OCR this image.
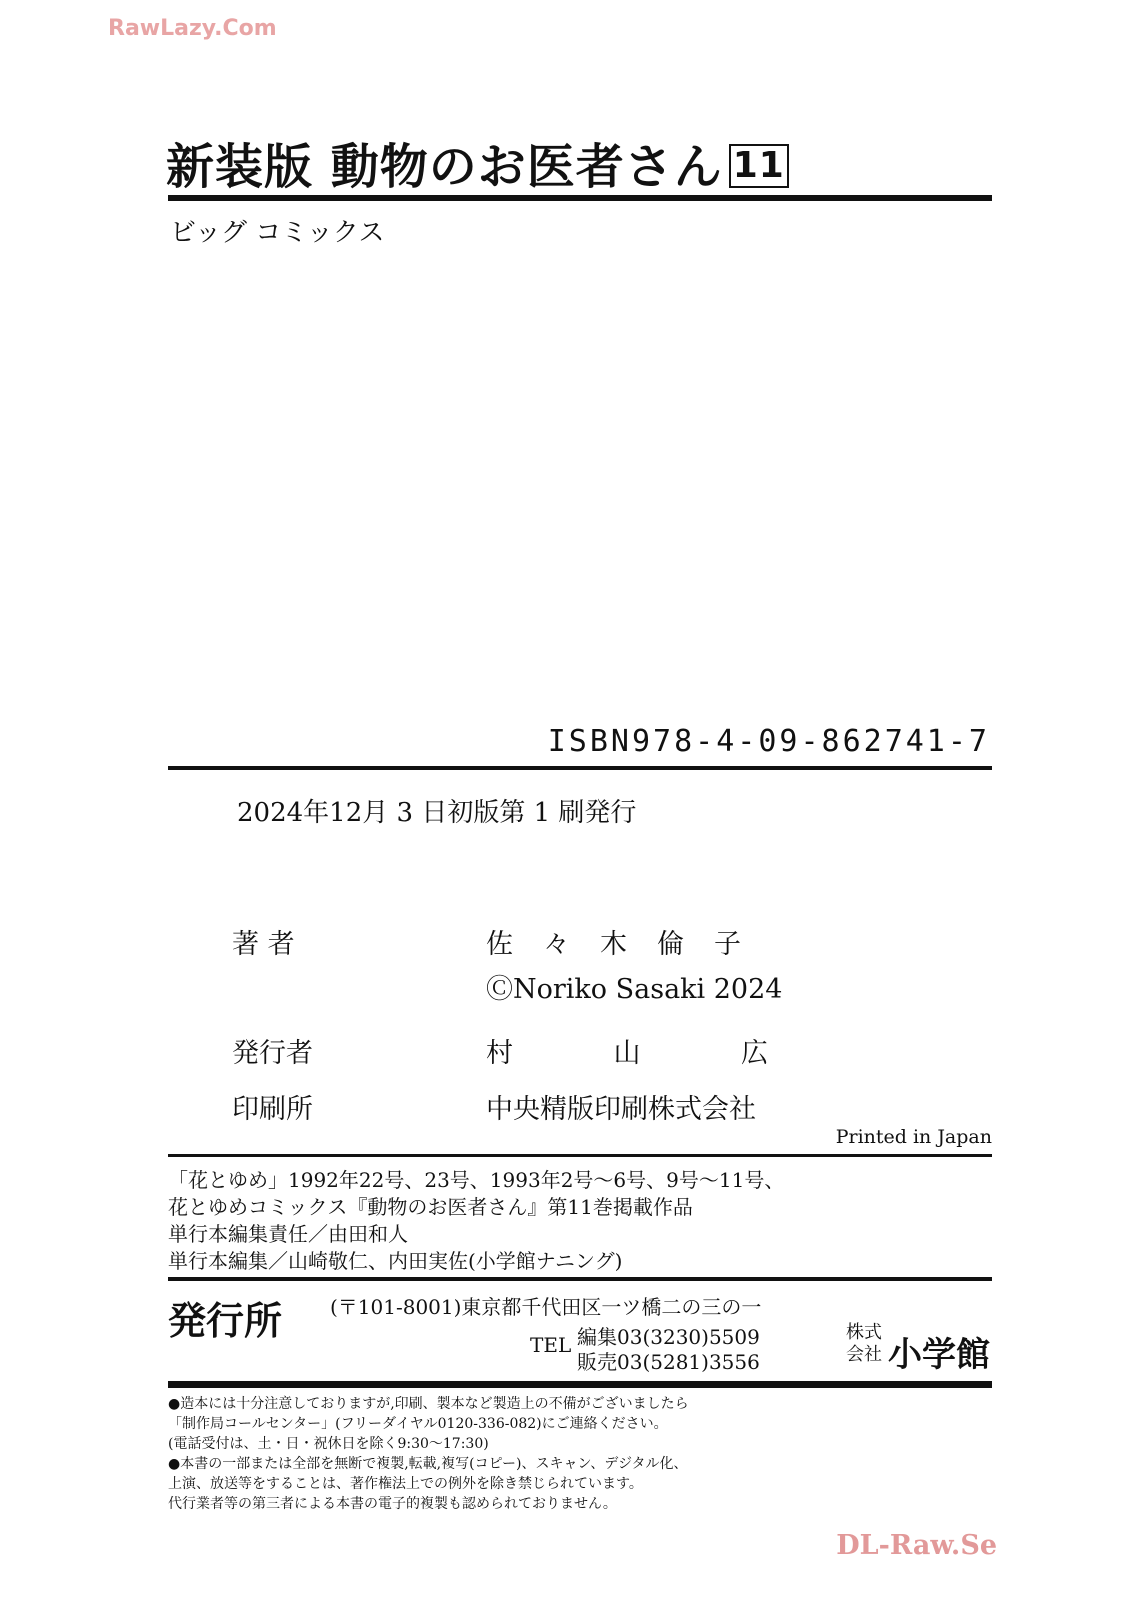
RawLazy.Com
新装版 動物のお医者さん 11
ビッグ コミックス
ISBN978-4-09-862741-7
2024年12月 3 日初版第 1 刷発行
著 者	佐々木倫子
ⒸNoriko Sasaki 2024
発行者	村	山	広
印刷所	中央精版印刷株式会社
Printed in Japan
「花とゆめ」1992年22号、23号、1993年2号〜6号、9号〜11号、
花とゆめコミックス『動物のお医者さん』第11巻掲載作品
単行本編集責任／由田和人
単行本編集／山崎敬仁、内田実佐(小学館ナニング)
発行所 (〒101-8001)東京都千代田区一ツ橋二の三の一
TEL 編集03(3230)5509
販売03(5281)3556
株式
会社 小学館
●造本には十分注意しておりますが,印刷、製本など製造上の不備がございましたら
「制作局コールセンター」(フリーダイヤル0120-336-082)にご連絡ください。
(電話受付は、土・日・祝休日を除く9:30〜17:30)
●本書の一部または全部を無断で複製,転載,複写(コピー)、スキャン、デジタル化、
上演、放送等をすることは、著作権法上での例外を除き禁じられています。
代行業者等の第三者による本書の電子的複製も認められておりません。
DL-Raw.Se
